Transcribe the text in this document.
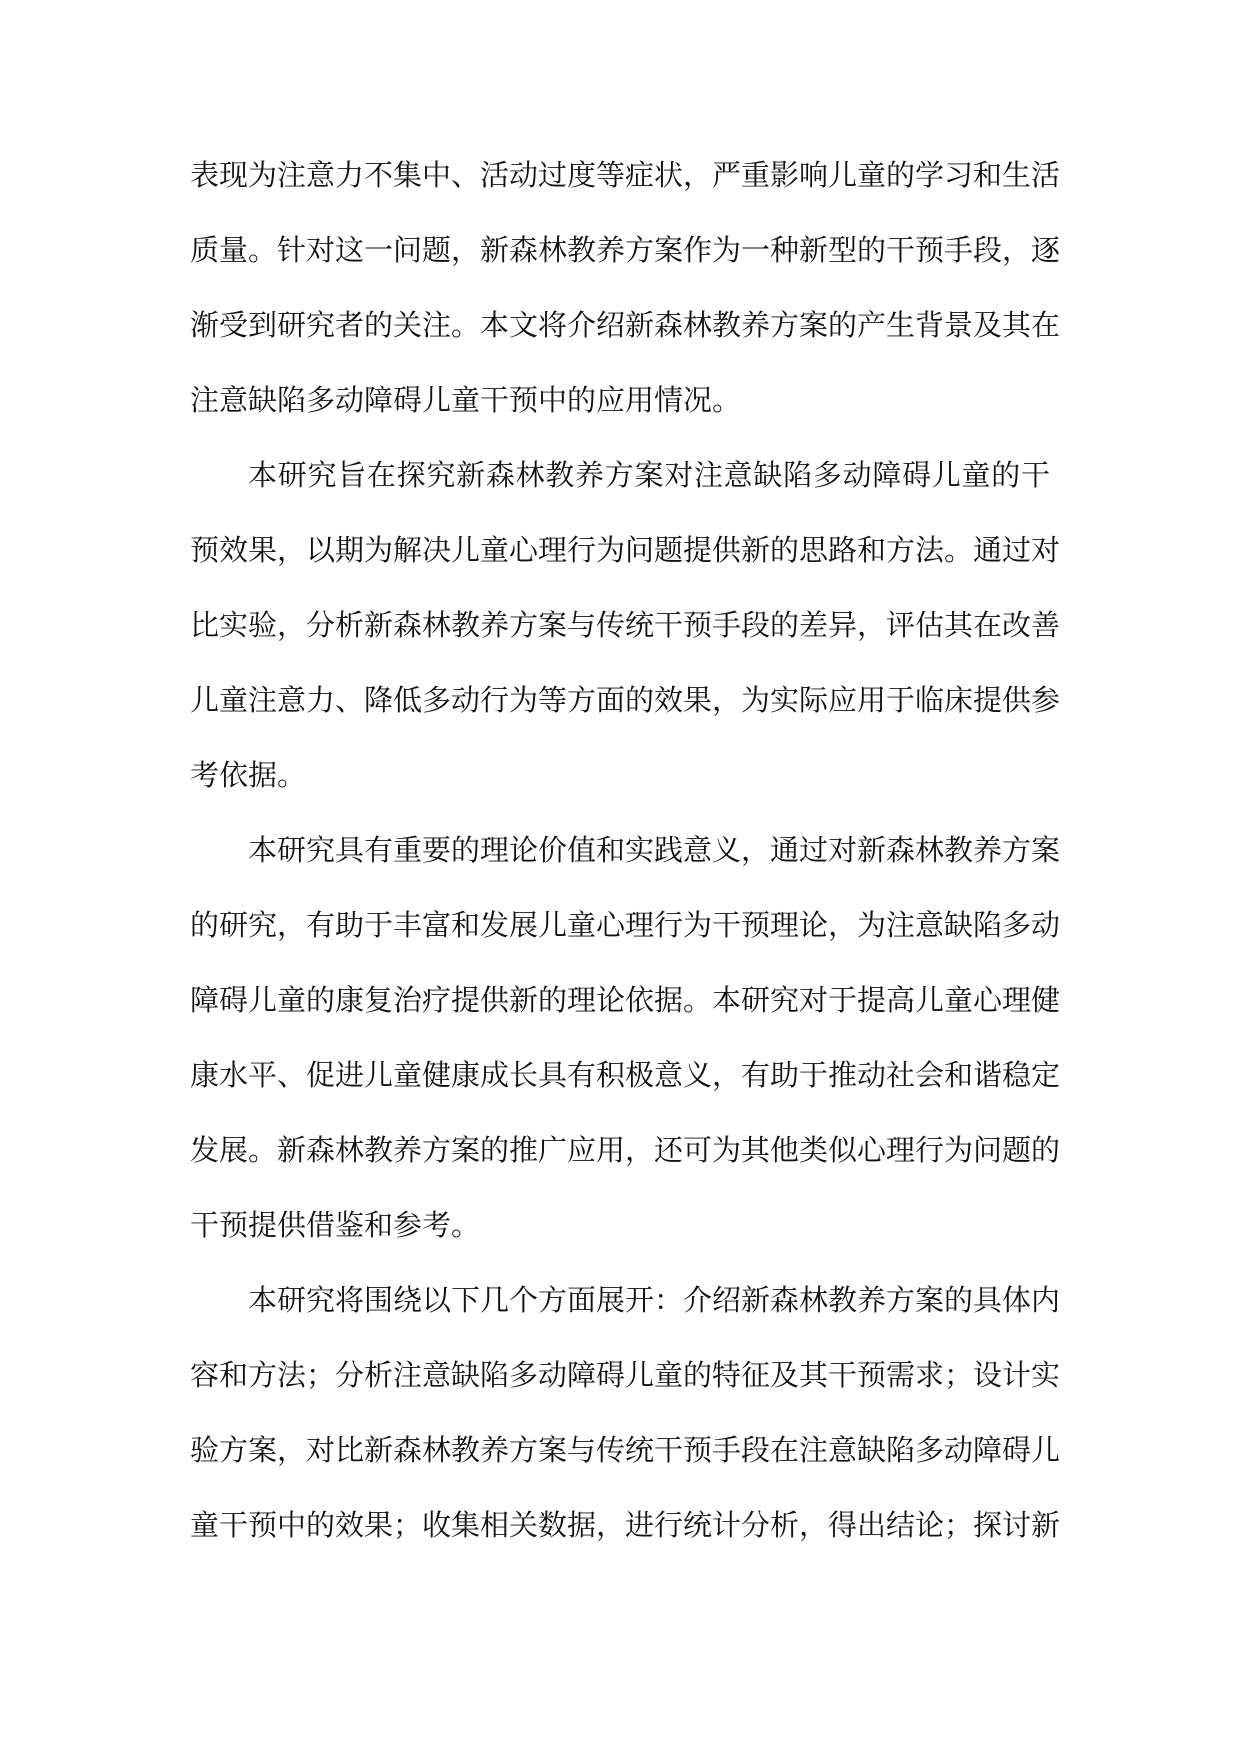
表现为注意力不集中、活动过度等症状，严重影响儿童的学习和生活
质量。针对这一问题，新森林教养方案作为一种新型的干预手段，逐
渐受到研究者的关注。本文将介绍新森林教养方案的产生背景及其在
注意缺陷多动障碍儿童干预中的应用情况。
本研究旨在探究新森林教养方案对注意缺陷多动障碍儿童的干
预效果，以期为解决儿童心理行为问题提供新的思路和方法。通过对
比实验，分析新森林教养方案与传统干预手段的差异，评估其在改善
儿童注意力、降低多动行为等方面的效果，为实际应用于临床提供参
考依据。
本研究具有重要的理论价值和实践意义，通过对新森林教养方案
的研究，有助于丰富和发展儿童心理行为干预理论，为注意缺陷多动
障碍儿童的康复治疗提供新的理论依据。本研究对于提高儿童心理健
康水平、促进儿童健康成长具有积极意义，有助于推动社会和谐稳定
发展。新森林教养方案的推广应用，还可为其他类似心理行为问题的
干预提供借鉴和参考。
本研究将围绕以下几个方面展开：介绍新森林教养方案的具体内
容和方法；分析注意缺陷多动障碍儿童的特征及其干预需求；设计实
验方案，对比新森林教养方案与传统干预手段在注意缺陷多动障碍儿
童干预中的效果；收集相关数据，进行统计分析，得出结论；探讨新
